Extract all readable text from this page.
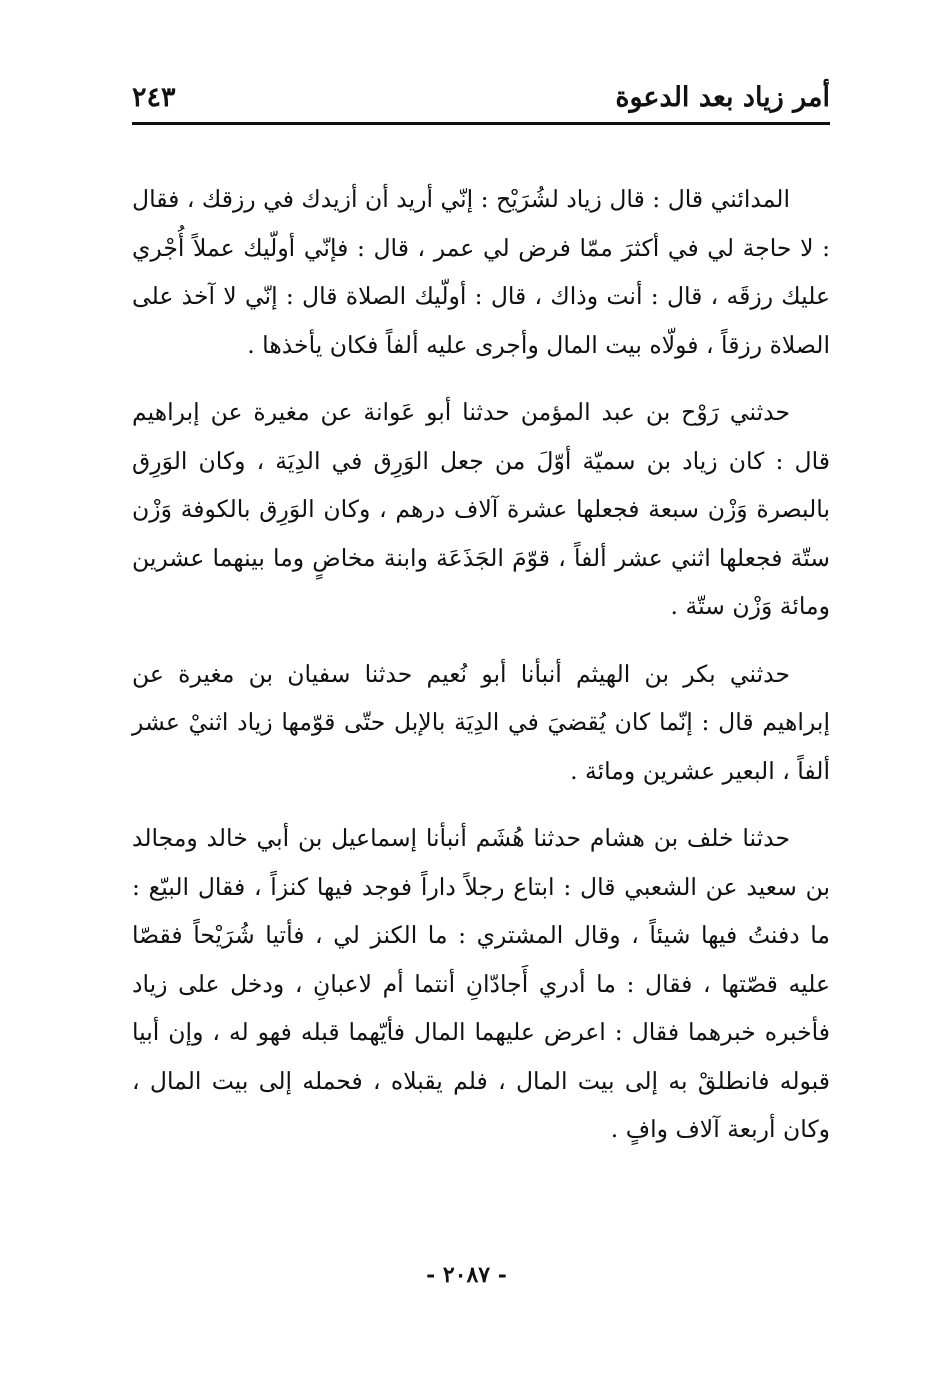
أمر زياد بعد الدعوة
٢٤٣

المدائني قال : قال زياد لشُرَيْح : إنّي أريد أن أزيدك في رزقك ، فقال : لا حاجة لي في أكثرَ ممّا فرض لي عمر ، قال : فإنّي أولّيك عملاً أُجْري عليك رزقَه ، قال : أنت وذاك ، قال : أولّيك الصلاة قال : إنّي لا آخذ على الصلاة رزقاً ، فولّاه بيت المال وأجرى عليه ألفاً فكان يأخذها .

حدثني رَوْح بن عبد المؤمن حدثنا أبو عَوانة عن مغيرة عن إبراهيم قال : كان زياد بن سميّة أوّلَ من جعل الوَرِق في الدِيَة ، وكان الوَرِق بالبصرة وَزْن سبعة فجعلها عشرة آلاف درهم ، وكان الوَرِق بالكوفة وَزْن ستّة فجعلها اثني عشر ألفاً ، قوّمَ الجَذَعَة وابنة مخاضٍ وما بينهما عشرين ومائة وَزْن ستّة .

حدثني بكر بن الهيثم أنبأنا أبو نُعيم حدثنا سفيان بن مغيرة عن إبراهيم قال : إنّما كان يُقضيَ في الدِيَة بالإبل حتّى قوّمها زياد اثنيْ عشر ألفاً ، البعير عشرين ومائة .

حدثنا خلف بن هشام حدثنا هُشَم أنبأنا إسماعيل بن أبي خالد ومجالد بن سعيد عن الشعبي قال : ابتاع رجلاً داراً فوجد فيها كنزاً ، فقال البيّع : ما دفنتُ فيها شيئاً ، وقال المشتري : ما الكنز لي ، فأتيا شُرَيْحاً فقصّا عليه قصّتها ، فقال : ما أدري أَجادّانِ أنتما أم لاعبانِ ، ودخل على زياد فأخبره خبرهما فقال : اعرض عليهما المال فأيّهما قبله فهو له ، وإن أبيا قبوله فانطلقْ به إلى بيت المال ، فلم يقبلاه ، فحمله إلى بيت المال ، وكان أربعة آلاف وافٍ .

- ٢٠٨٧ -
